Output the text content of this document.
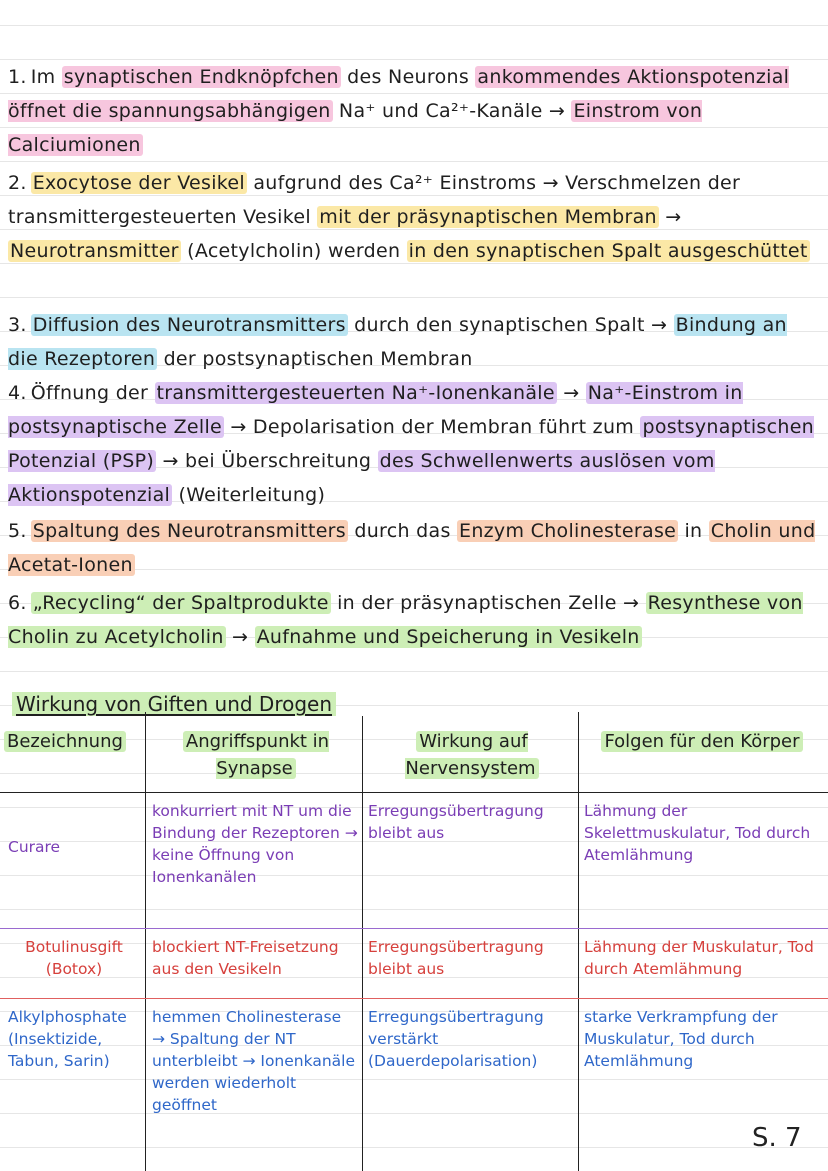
1. Im synaptischen Endknöpfchen des Neurons ankommendes Aktionspotenzial öffnet die spannungsabhängigen Na⁺ und Ca²⁺-Kanäle → Einstrom von Calciumionen
2. Exocytose der Vesikel aufgrund des Ca²⁺ Einstroms → Verschmelzen der transmittergesteuerten Vesikel mit der präsynaptischen Membran → Neurotransmitter (Acetylcholin) werden in den synaptischen Spalt ausgeschüttet
3. Diffusion des Neurotransmitters durch den synaptischen Spalt → Bindung an die Rezeptoren der postsynaptischen Membran
4. Öffnung der transmittergesteuerten Na⁺-Ionenkanäle → Na⁺-Einstrom in postsynaptische Zelle → Depolarisation der Membran führt zum postsynaptischen Potenzial (PSP) → bei Überschreitung des Schwellenwerts auslösen vom Aktionspotenzial (Weiterleitung)
5. Spaltung des Neurotransmitters durch das Enzym Cholinesterase in Cholin und Acetat-Ionen
6. „Recycling“ der Spaltprodukte in der präsynaptischen Zelle → Resynthese von Cholin zu Acetylcholin → Aufnahme und Speicherung in Vesikeln
Wirkung von Giften und Drogen
Bezeichnung	Angriffspunkt in Synapse
Wirkung auf Nervensystem
Folgen für den Körper
Curare
konkurriert mit NT um die Bindung der Rezeptoren → keine Öffnung von Ionenkanälen
Erregungsübertragung bleibt aus
Lähmung der Skelettmuskulatur, Tod durch Atemlähmung
Botulinusgift (Botox)
blockiert NT-Freisetzung aus den Vesikeln
Erregungsübertragung bleibt aus
Lähmung der Muskulatur, Tod durch Atemlähmung
Alkylphosphate (Insektizide, Tabun, Sarin)
hemmen Cholinesterase → Spaltung der NT unterbleibt → Ionenkanäle werden wiederholt geöffnet
Erregungsübertragung verstärkt (Dauerdepolarisation)
starke Verkrampfung der Muskulatur, Tod durch Atemlähmung
S. 7
